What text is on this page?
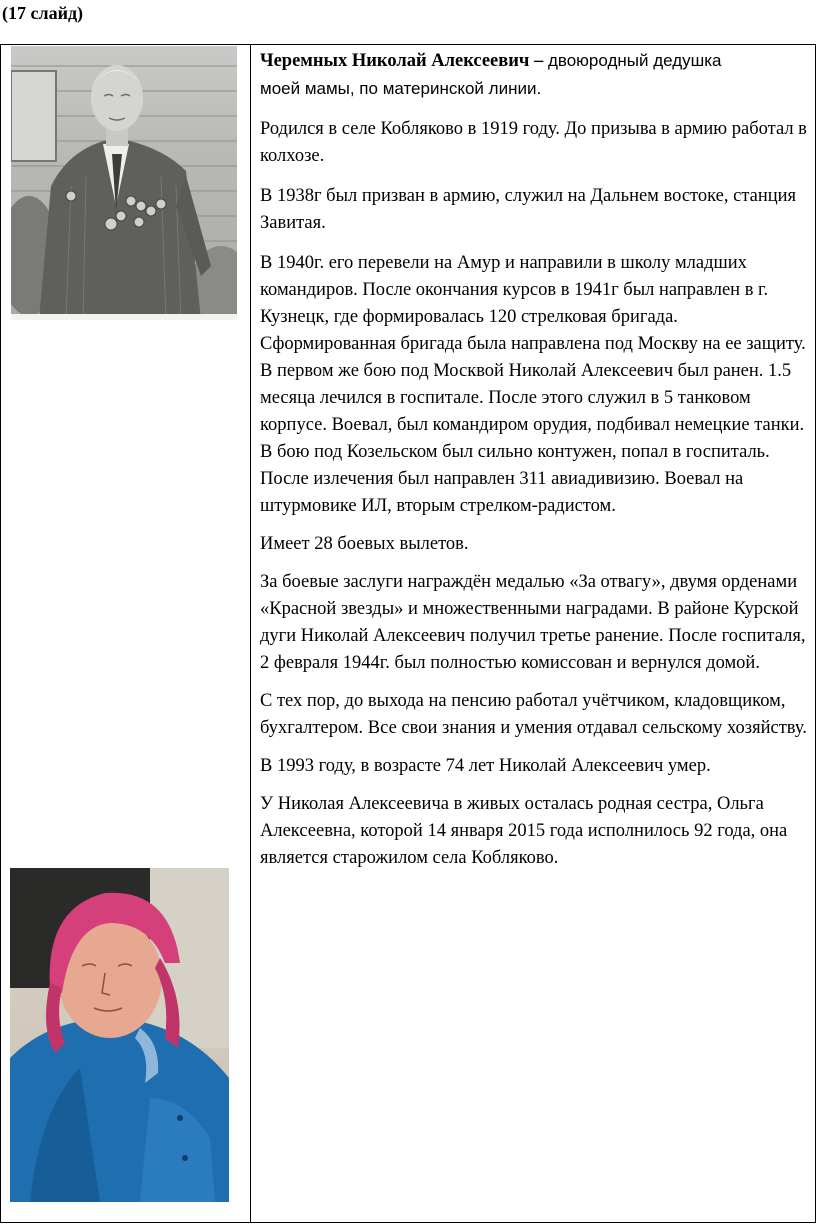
(17 слайд)

Черемных Николай Алексеевич – двоюродный дедушка
моей мамы, по материнской линии.

Родился в селе Кобляково в 1919 году. До призыва в армию работал в колхозе.

В 1938г был призван в армию, служил на Дальнем востоке, станция Завитая.

В 1940г. его перевели на Амур и направили в школу младших командиров. После окончания курсов в 1941г был направлен в г. Кузнецк, где формировалась 120 стрелковая бригада. Сформированная бригада была направлена под Москву на ее защиту. В первом же бою под Москвой Николай Алексеевич был ранен. 1.5 месяца лечился в госпитале. После этого служил в 5 танковом корпусе. Воевал, был командиром орудия, подбивал немецкие танки. В бою под Козельском был сильно контужен, попал в госпиталь. После излечения был направлен 311 авиадивизию. Воевал на штурмовике ИЛ, вторым стрелком-радистом.

Имеет 28 боевых вылетов.

За боевые заслуги награждён медалью «За отвагу», двумя орденами «Красной звезды» и множественными наградами. В районе Курской дуги Николай Алексеевич получил третье ранение. После госпиталя, 2 февраля 1944г. был полностью комиссован и вернулся домой.

С тех пор, до выхода на пенсию работал учётчиком, кладовщиком, бухгалтером. Все свои знания и умения отдавал сельскому хозяйству.

В 1993 году, в возрасте 74 лет Николай Алексеевич умер.

У Николая Алексеевича в живых осталась родная сестра, Ольга Алексеевна, которой 14 января 2015 года исполнилось 92 года, она является старожилом села Кобляково.
